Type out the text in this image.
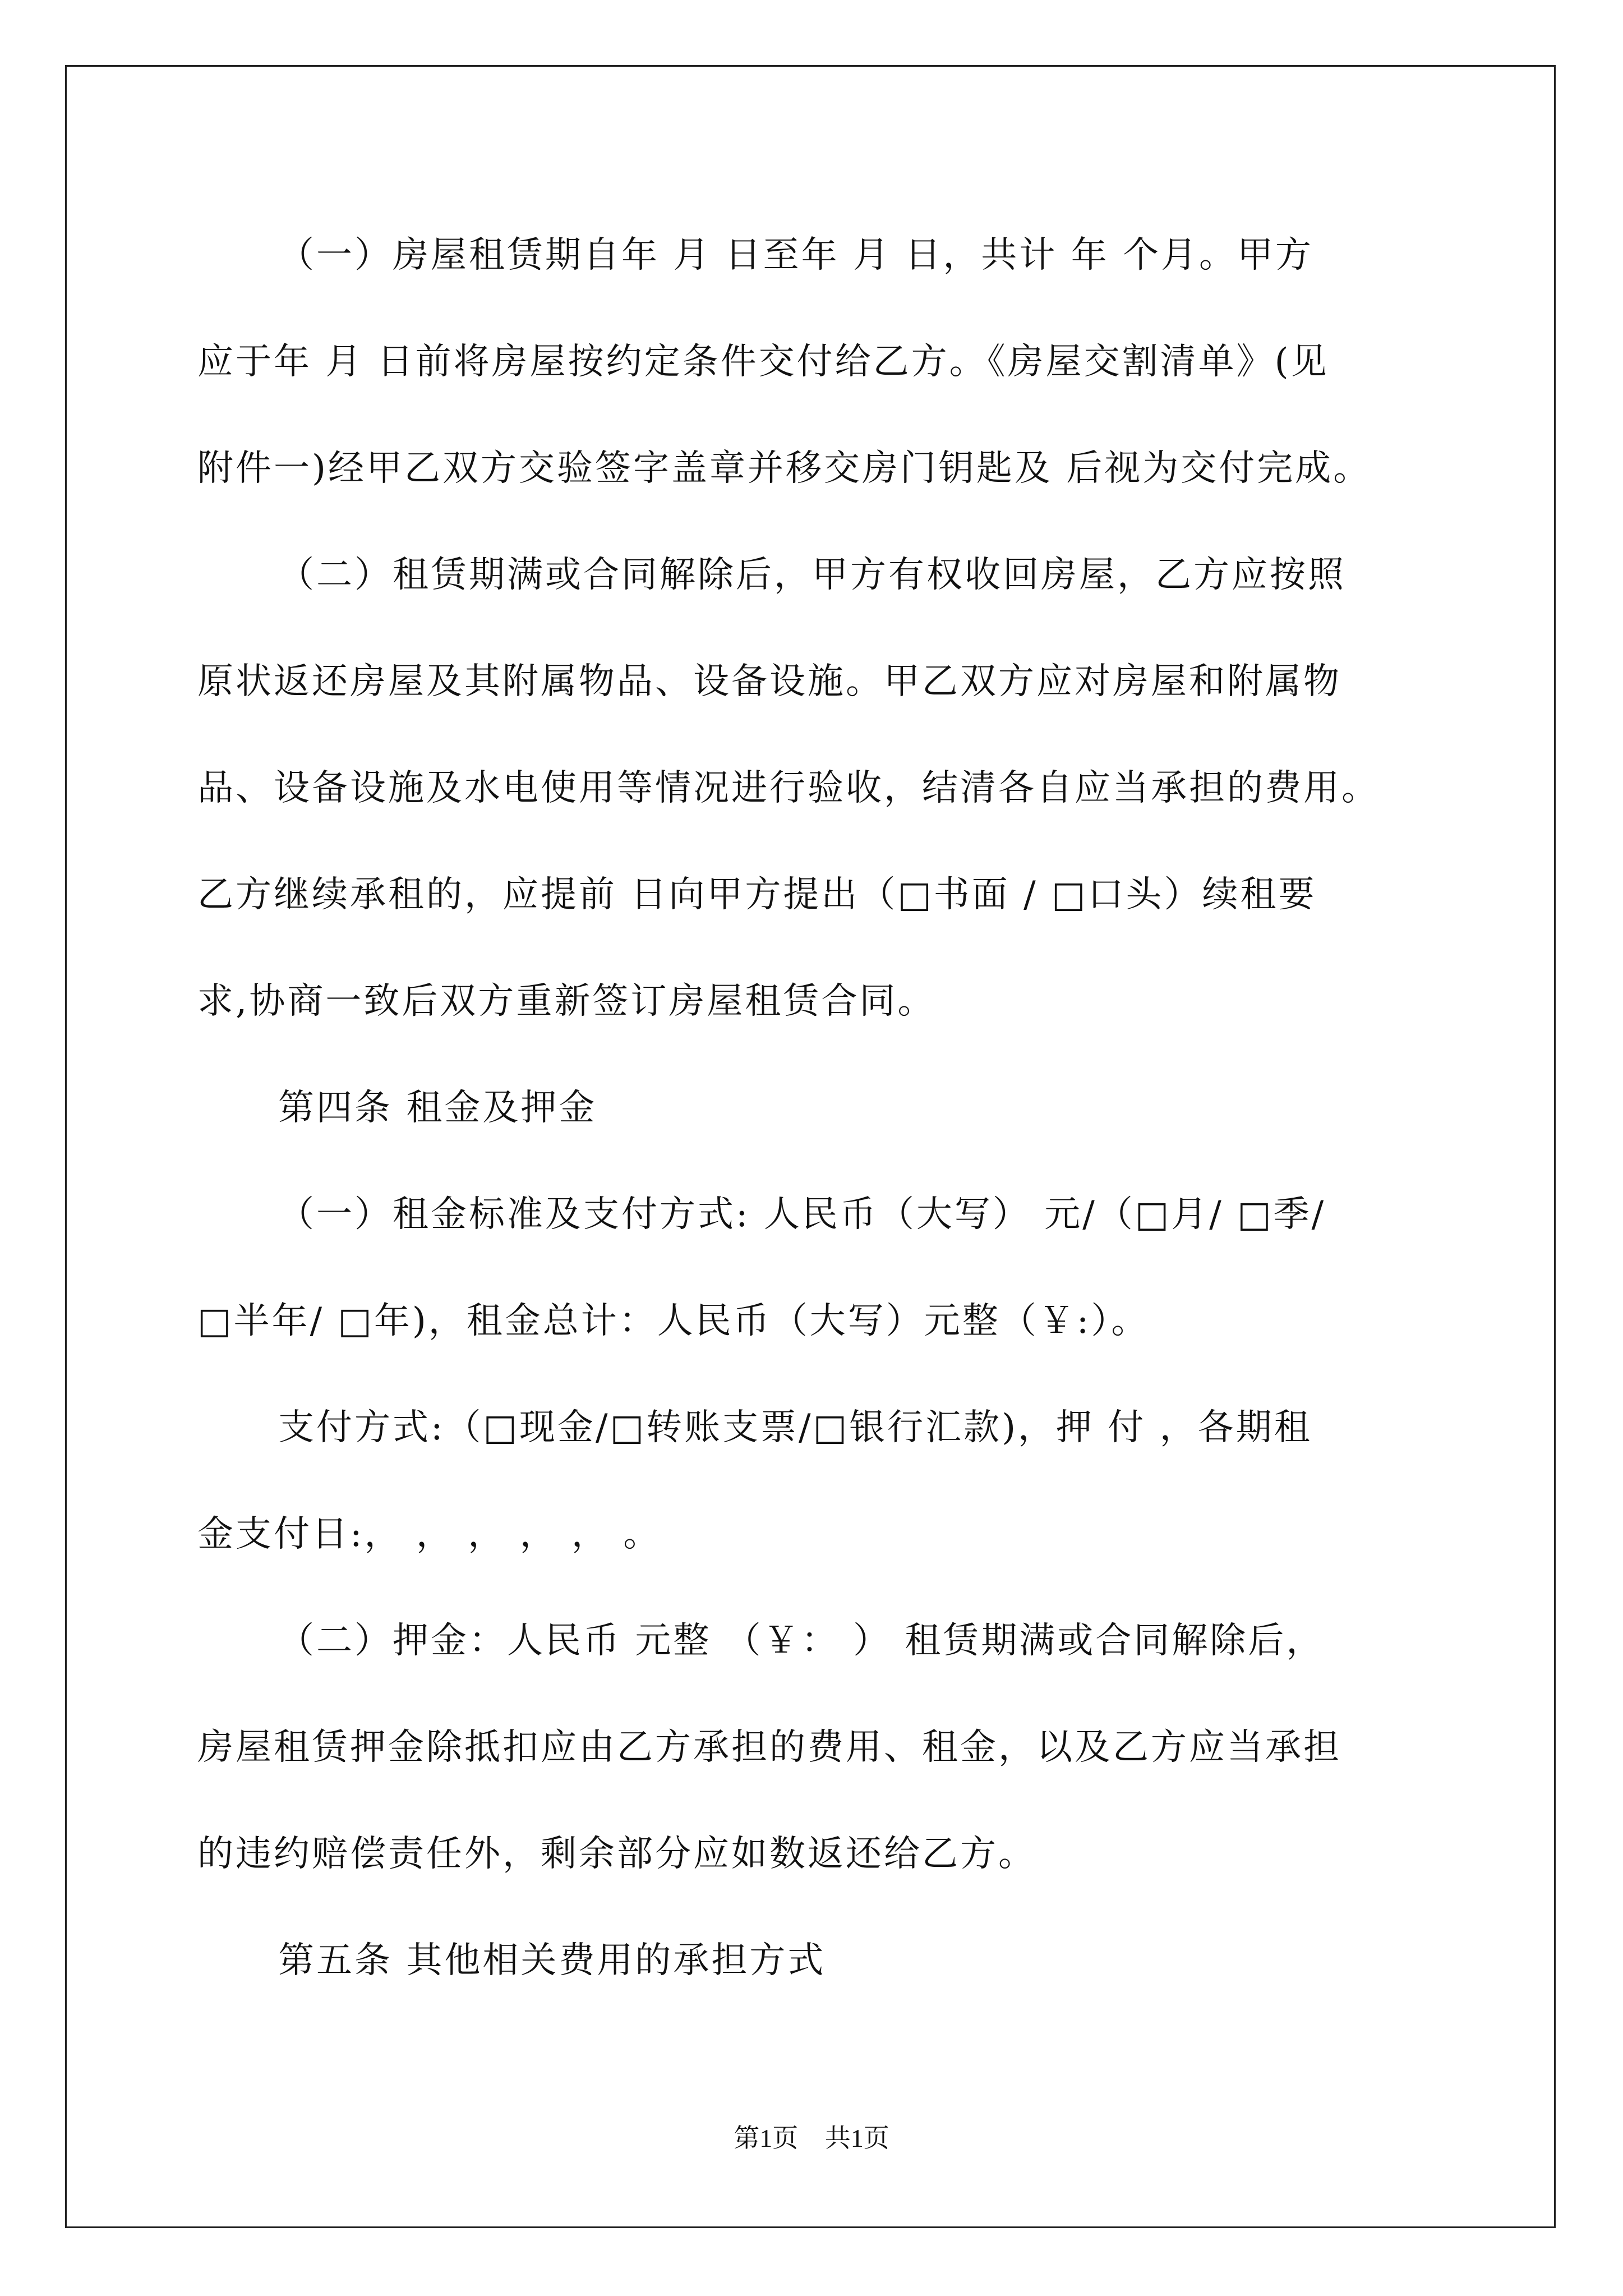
（一）房屋租赁期自年 月 日至年 月 日，共计 年 个月。甲方
应于年 月 日前将房屋按约定条件交付给乙方。《房屋交割清单》(见
附件一)经甲乙双方交验签字盖章并移交房门钥匙及 后视为交付完成。
（二）租赁期满或合同解除后，甲方有权收回房屋，乙方应按照
原状返还房屋及其附属物品、设备设施。甲乙双方应对房屋和附属物
品、设备设施及水电使用等情况进行验收，结清各自应当承担的费用。
乙方继续承租的，应提前 日向甲方提出（□书面 / □口头）续租要
求,协商一致后双方重新签订房屋租赁合同。
第四条 租金及押金
（一）租金标准及支付方式: 人民币（大写） 元/（□月/ □季/
□半年/ □年)，租金总计：人民币（大写）元整（￥:）。
支付方式:（□现金/□转账支票/□银行汇款)，押 付 ，各期租
金支付日:， ， ， ， ， 。
（二）押金：人民币 元整 （￥： ） 租赁期满或合同解除后，
房屋租赁押金除抵扣应由乙方承担的费用、租金，以及乙方应当承担
的违约赔偿责任外，剩余部分应如数返还给乙方。
第五条 其他相关费用的承担方式
第1页 共1页
